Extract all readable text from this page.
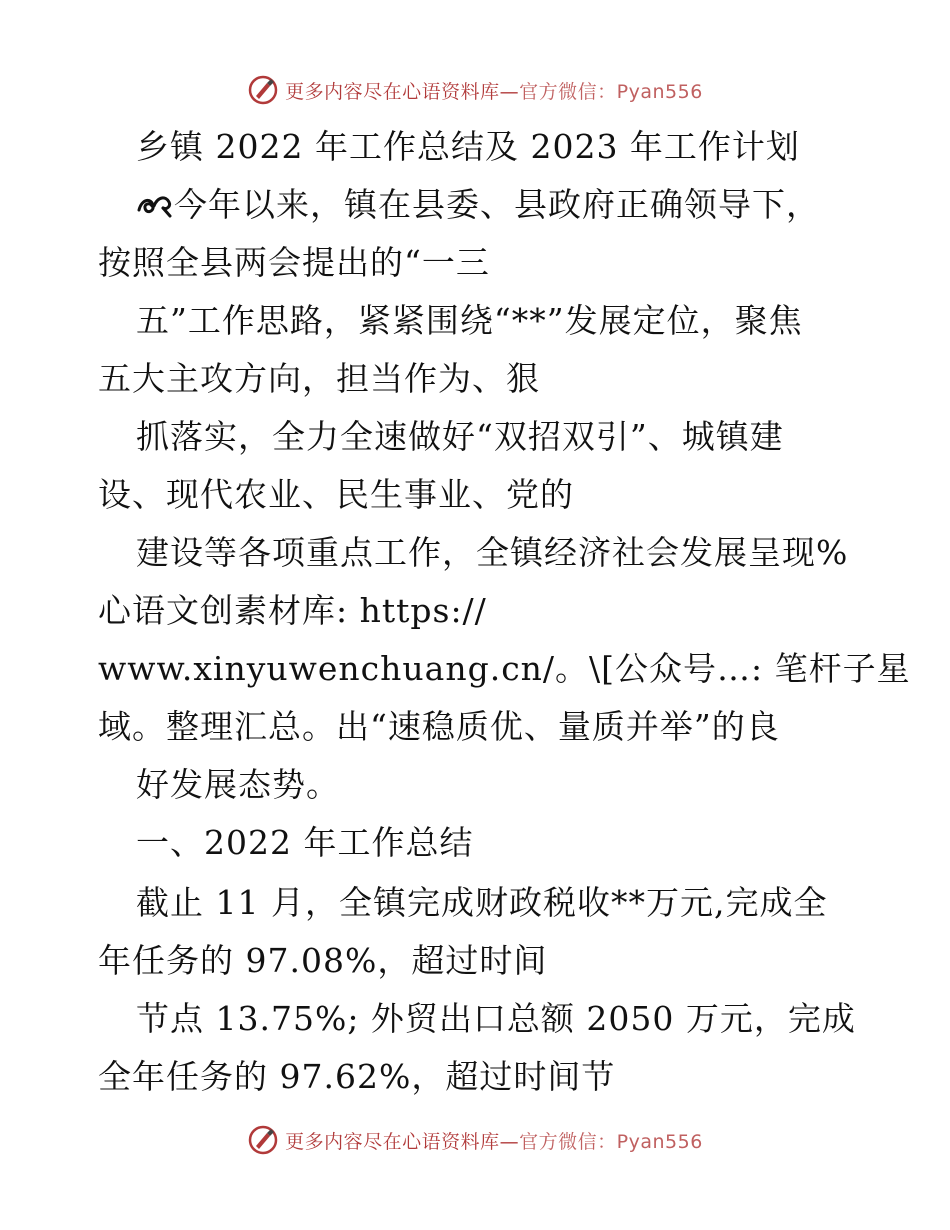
更多内容尽在心语资料库—官方微信：Pyan556
乡镇 2022 年工作总结及 2023 年工作计划
今年以来，镇在县委、县政府正确领导下，
按照全县两会提出的“一三
五”工作思路，紧紧围绕“**”发展定位，聚焦
五大主攻方向，担当作为、狠
抓落实，全力全速做好“双招双引”、城镇建
设、现代农业、民生事业、党的
建设等各项重点工作，全镇经济社会发展呈现%
心语文创素材库: https://
www.xinyuwenchuang.cn/。\[公众号…: 笔杆子星
域。整理汇总。出“速稳质优、量质并举”的良
好发展态势。
一、2022 年工作总结
截止 11 月，全镇完成财政税收**万元,完成全
年任务的 97.08%，超过时间
节点 13.75%; 外贸出口总额 2050 万元，完成
全年任务的 97.62%，超过时间节
更多内容尽在心语资料库—官方微信：Pyan556
